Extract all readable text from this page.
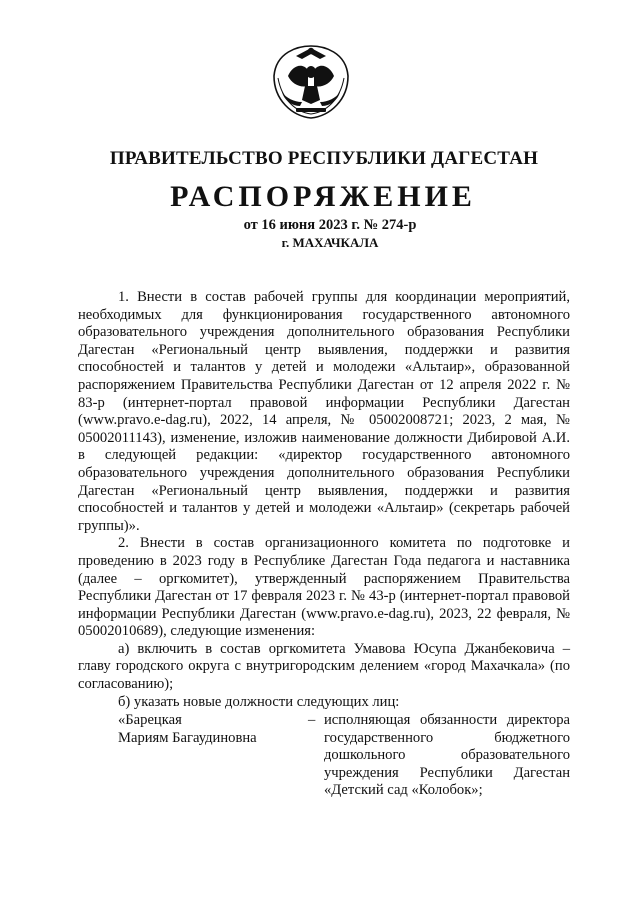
ПРАВИТЕЛЬСТВО РЕСПУБЛИКИ ДАГЕСТАН
РАСПОРЯЖЕНИЕ
от 16 июня 2023 г. № 274-р
г. МАХАЧКАЛА

1. Внести в состав рабочей группы для координации мероприятий, необходимых для функционирования государственного автономного образовательного учреждения дополнительного образования Республики Дагестан «Региональный центр выявления, поддержки и развития способностей и талантов у детей и молодежи «Альтаир», образованной распоряжением Правительства Республики Дагестан от 12 апреля 2022 г. № 83-р (интернет-портал правовой информации Республики Дагестан (www.pravo.e-dag.ru), 2022, 14 апреля, № 05002008721; 2023, 2 мая, № 05002011143), изменение, изложив наименование должности Дибировой А.И. в следующей редакции: «директор государственного автономного образовательного учреждения дополнительного образования Республики Дагестан «Региональный центр выявления, поддержки и развития способностей и талантов у детей и молодежи «Альтаир» (секретарь рабочей группы)».

2. Внести в состав организационного комитета по подготовке и проведению в 2023 году в Республике Дагестан Года педагога и наставника (далее – оргкомитет), утвержденный распоряжением Правительства Республики Дагестан от 17 февраля 2023 г. № 43-р (интернет-портал правовой информации Республики Дагестан (www.pravo.e-dag.ru), 2023, 22 февраля, № 05002010689), следующие изменения:

а) включить в состав оргкомитета Умавова Юсупа Джанбековича – главу городского округа с внутригородским делением «город Махачкала» (по согласованию);

б) указать новые должности следующих лиц:

«Барецкая
Мариям Багаудиновна
– исполняющая обязанности директора государственного бюджетного дошкольного образовательного учреждения Республики Дагестан «Детский сад «Колобок»;
